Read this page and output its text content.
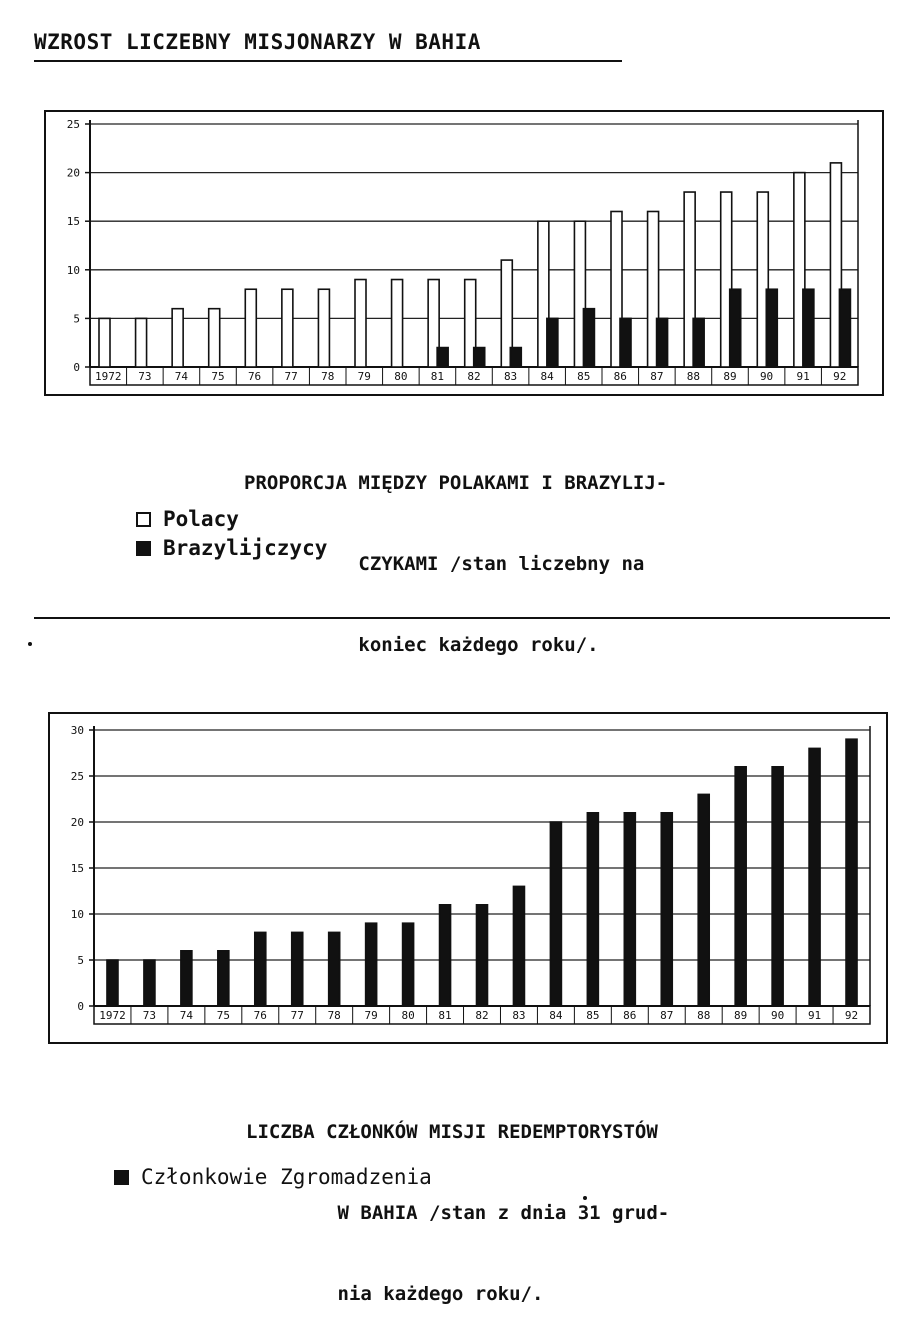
WZROST LICZEBNY MISJONARZY W BAHIA
0
5
10
15
20
25
1972 73 74 75 76 77 78 79 80 81 82 83 84 85 86 87 88 89 90 91 92

PROPORCJA MIĘDZY POLAKAMI I BRAZYLIJ-

CZYKAMI /stan liczebny na

koniec każdego roku/.

Polacy
Brazylijczycy
0
5
10
15
20
25
30
1972 73 74 75 76 77 78 79 80 81 82 83 84 85 86 87 88 89 90 91 92

LICZBA CZŁONKÓW MISJI REDEMPTORYSTÓW

W BAHIA /stan z dnia 31 grud-

nia każdego roku/.

Członkowie Zgromadzenia
